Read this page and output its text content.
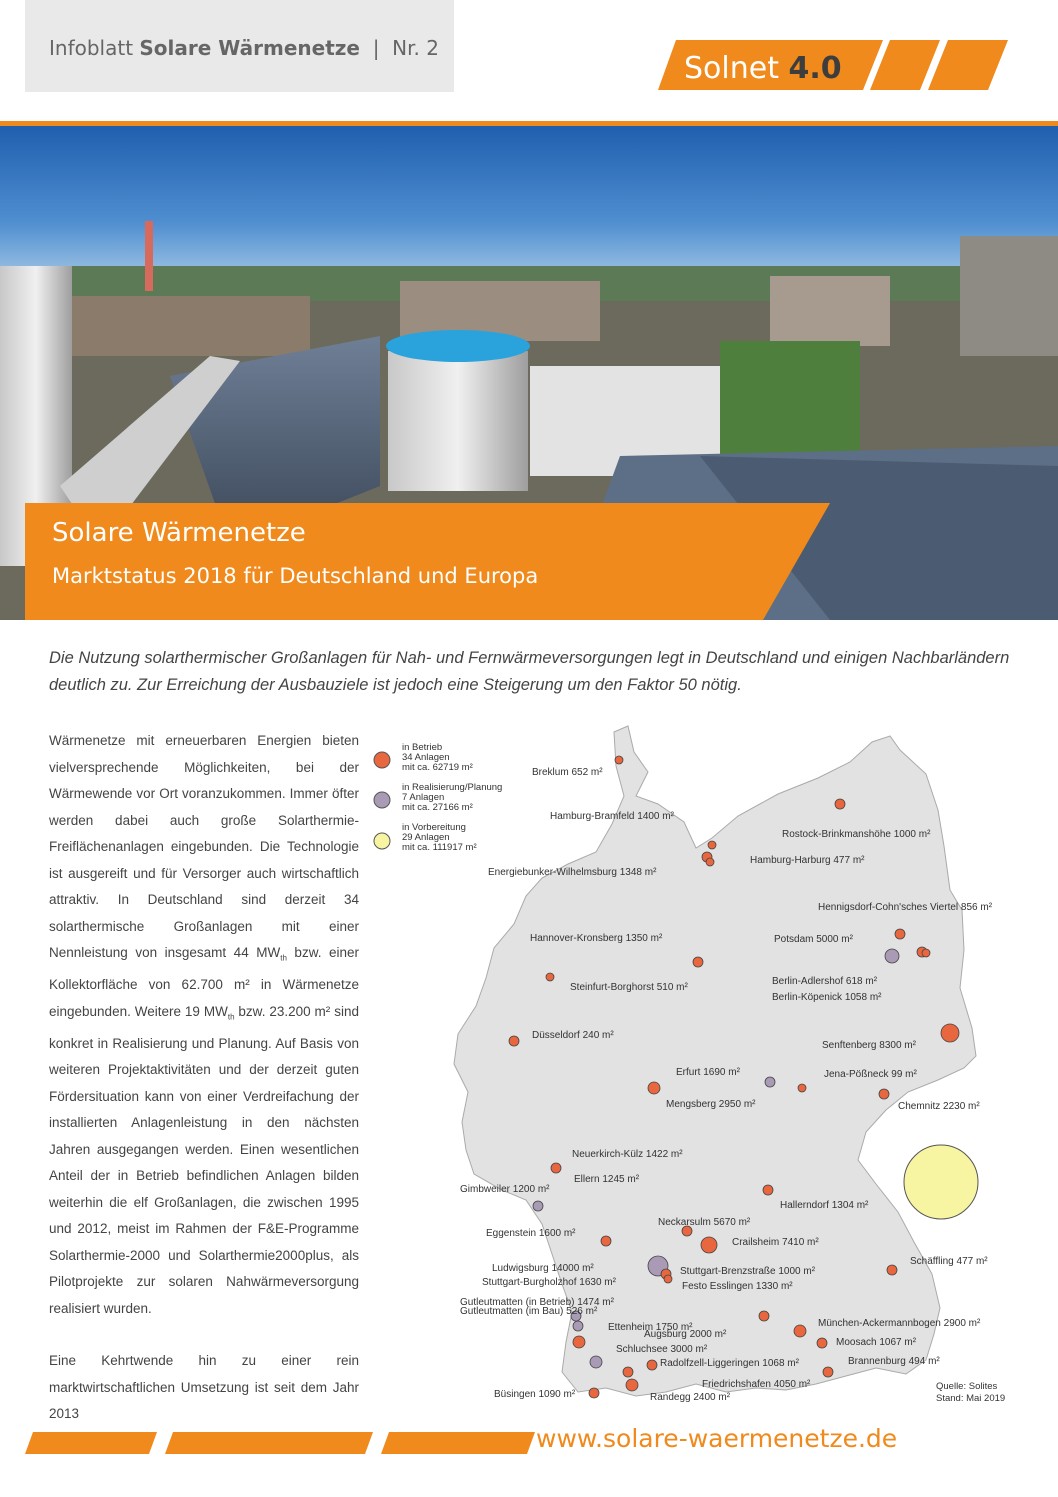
Infoblatt Solare Wärmenetze  |  Nr. 2
Solnet 4.0
Solare Wärmenetze
Marktstatus 2018 für Deutschland und Europa
Die Nutzung solarthermischer Großanlagen für Nah- und Fernwärmeversorgungen legt in Deutschland und einigen Nachbarländern deutlich zu. Zur Erreichung der Ausbauziele ist jedoch eine Steigerung um den Faktor 50 nötig.

Wärmenetze mit erneuerbaren Energien bieten vielversprechende Möglichkeiten, bei der Wärmewende vor Ort voranzukommen. Immer öfter werden dabei auch große Solarthermie-Freiflächenanlagen eingebunden. Die Technologie ist ausgereift und für Versorger auch wirtschaftlich attraktiv. In Deutschland sind derzeit 34 solarthermische Großanlagen mit einer Nennleistung von insgesamt 44 $MW_{th}$ bzw. einer Kollektorfläche von 62.700 m² in Wärmenetze eingebunden. Weitere 19 $MW_{th}$ bzw. 23.200 m² sind konkret in Realisierung und Planung. Auf Basis von weiteren Projektaktivitäten und der derzeit guten Fördersituation kann von einer Verdreifachung der installierten Anlagenleistung in den nächsten Jahren ausgegangen werden. Einen wesentlichen Anteil der in Betrieb befindlichen Anlagen bilden weiterhin die elf Großanlagen, die zwischen 1995 und 2012, meist im Rahmen der F&E-Programme Solarthermie-2000 und Solarthermie2000plus, als Pilotprojekte zur solaren Nahwärmeversorgung realisiert wurden.

Eine Kehrtwende hin zu einer rein marktwirtschaftlichen Umsetzung ist seit dem Jahr 2013

in Betrieb
34 Anlagen
mit ca. 62719 m²
in Realisierung/Planung
7 Anlagen
mit ca. 27166 m²
in Vorbereitung
29 Anlagen
mit ca. 111917 m²
Breklum 652 m²
Hamburg-Bramfeld 1400 m²
Rostock-Brinkmanshöhe 1000 m²
Hamburg-Harburg 477 m²
Energiebunker-Wilhelmsburg 1348 m²
Hennigsdorf-Cohn'sches Viertel 856 m²
Hannover-Kronsberg 1350 m²	Potsdam 5000 m²
Berlin-Adlershof 618 m²
Berlin-Köpenick 1058 m²
Steinfurt-Borghorst 510 m²
Düsseldorf 240 m²
Senftenberg 8300 m²
Erfurt 1690 m²	Jena-Pößneck 99 m²
Mengsberg 2950 m²	Chemnitz 2230 m²
Neuerkirch-Külz 1422 m²
Ellern 1245 m²
Gimbweiler 1200 m²
Hallerndorf 1304 m²
Neckarsulm 5670 m²
Eggenstein 1600 m²
Crailsheim 7410 m²
Ludwigsburg 14000 m²	Stuttgart-Brenzstraße 1000 m²
Schäffling 477 m²
Stuttgart-Burgholzhof 1630 m²	Festo Esslingen 1330 m²
Gutleutmatten (in Betrieb) 1474 m²
Gutleutmatten (im Bau) 526 m²
Ettenheim 1750 m²	München-Ackermannbogen 2900 m²
Augsburg 2000 m²
Moosach 1067 m²
Schluchsee 3000 m²
Radolfzell-Liggeringen 1068 m²	Brannenburg 494 m²
Friedrichshafen 4050 m²
Büsingen 1090 m²	Randegg 2400 m²
Quelle: Solites
Stand: Mai 2019
www.solare-waermenetze.de
